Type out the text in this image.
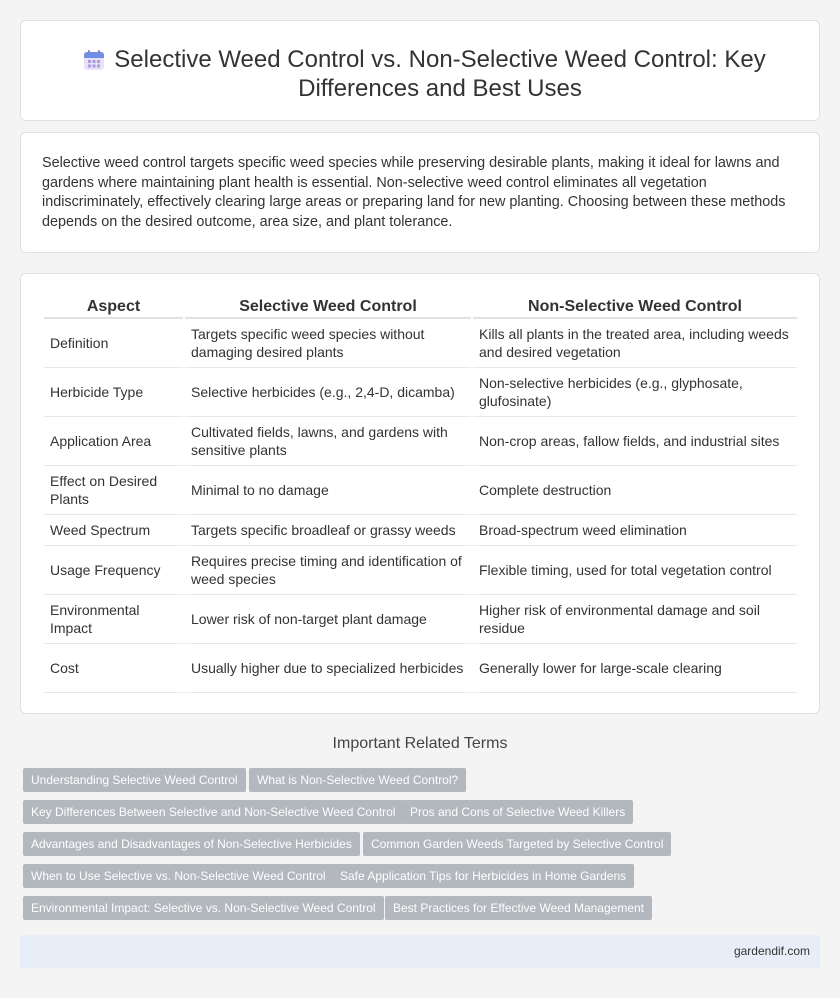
Selective Weed Control vs. Non-Selective Weed Control: Key Differences and Best Uses

Selective weed control targets specific weed species while preserving desirable plants, making it ideal for lawns and gardens where maintaining plant health is essential. Non-selective weed control eliminates all vegetation indiscriminately, effectively clearing large areas or preparing land for new planting. Choosing between these methods depends on the desired outcome, area size, and plant tolerance.

Aspect	Selective Weed Control	Non-Selective Weed Control
Definition	Targets specific weed species without damaging desired plants	Kills all plants in the treated area, including weeds and desired vegetation
Herbicide Type	Selective herbicides (e.g., 2,4-D, dicamba)	Non-selective herbicides (e.g., glyphosate, glufosinate)
Application Area	Cultivated fields, lawns, and gardens with sensitive plants	Non-crop areas, fallow fields, and industrial sites
Effect on Desired Plants	Minimal to no damage	Complete destruction
Weed Spectrum	Targets specific broadleaf or grassy weeds	Broad-spectrum weed elimination
Usage Frequency	Requires precise timing and identification of weed species	Flexible timing, used for total vegetation control
Environmental Impact	Lower risk of non-target plant damage	Higher risk of environmental damage and soil residue
Cost	Usually higher due to specialized herbicides	Generally lower for large-scale clearing
Important Related Terms
Understanding Selective Weed Control	What is Non-Selective Weed Control?
Key Differences Between Selective and Non-Selective Weed Control	Pros and Cons of Selective Weed Killers
Advantages and Disadvantages of Non-Selective Herbicides	Common Garden Weeds Targeted by Selective Control
When to Use Selective vs. Non-Selective Weed Control	Safe Application Tips for Herbicides in Home Gardens
Environmental Impact: Selective vs. Non-Selective Weed Control	Best Practices for Effective Weed Management
gardendif.com
